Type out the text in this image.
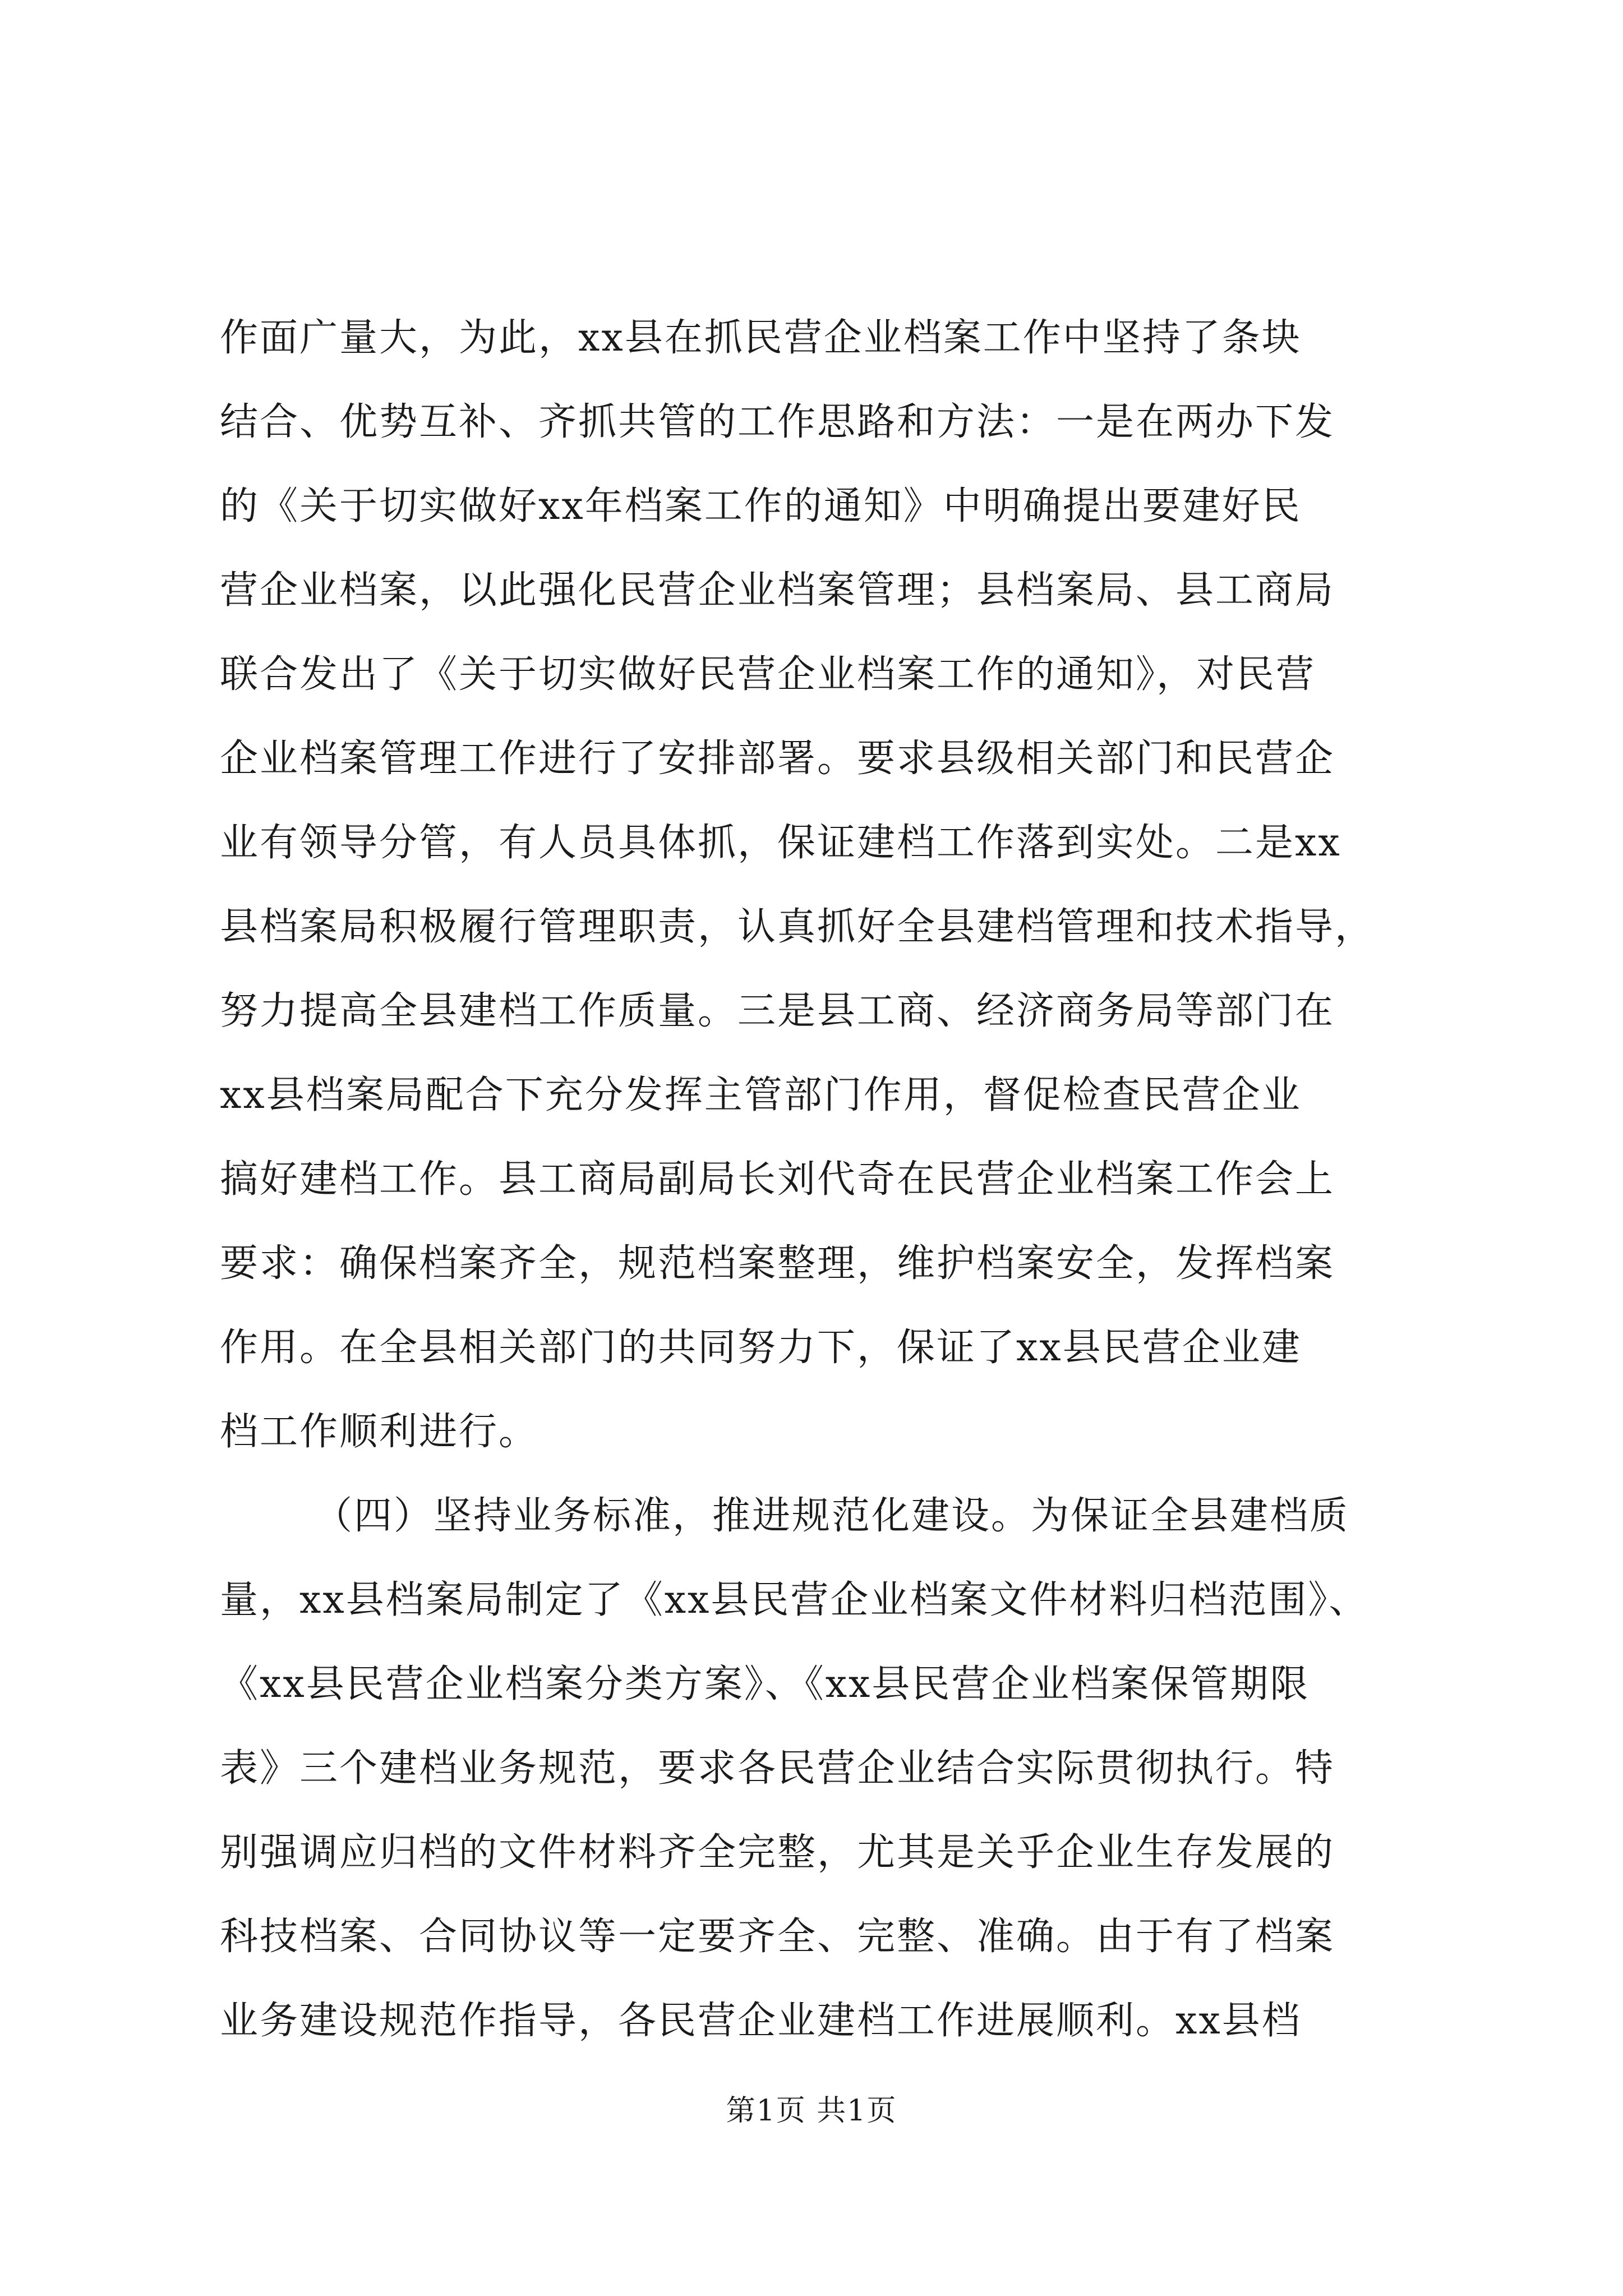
作面广量大，为此，xx县在抓民营企业档案工作中坚持了条块
结合、优势互补、齐抓共管的工作思路和方法：一是在两办下发
的《关于切实做好xx年档案工作的通知》中明确提出要建好民
营企业档案，以此强化民营企业档案管理；县档案局、县工商局
联合发出了《关于切实做好民营企业档案工作的通知》，对民营
企业档案管理工作进行了安排部署。要求县级相关部门和民营企
业有领导分管，有人员具体抓，保证建档工作落到实处。二是xx
县档案局积极履行管理职责，认真抓好全县建档管理和技术指导，
努力提高全县建档工作质量。三是县工商、经济商务局等部门在
xx县档案局配合下充分发挥主管部门作用，督促检查民营企业
搞好建档工作。县工商局副局长刘代奇在民营企业档案工作会上
要求：确保档案齐全，规范档案整理，维护档案安全，发挥档案
作用。在全县相关部门的共同努力下，保证了xx县民营企业建
档工作顺利进行。
（四）坚持业务标准，推进规范化建设。为保证全县建档质
量，xx县档案局制定了《xx县民营企业档案文件材料归档范围》、
《xx县民营企业档案分类方案》、《xx县民营企业档案保管期限
表》三个建档业务规范，要求各民营企业结合实际贯彻执行。特
别强调应归档的文件材料齐全完整，尤其是关乎企业生存发展的
科技档案、合同协议等一定要齐全、完整、准确。由于有了档案
业务建设规范作指导，各民营企业建档工作进展顺利。xx县档
第1页 共1页
